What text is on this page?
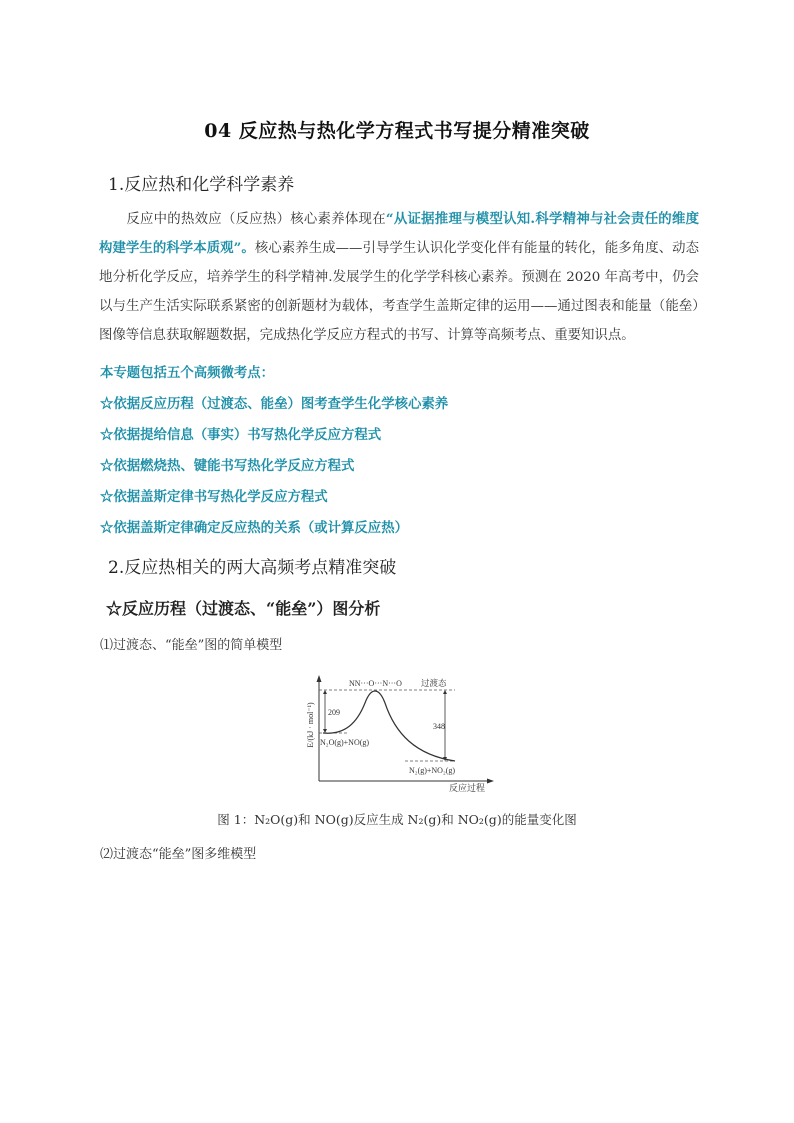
04 反应热与热化学方程式书写提分精准突破
1.反应热和化学科学素养
　　反应中的热效应（反应热）核心素养体现在“从证据推理与模型认知.科学精神与社会责任的维度构建学生的科学本质观”。核心素养生成——引导学生认识化学变化伴有能量的转化，能多角度、动态地分析化学反应，培养学生的科学精神.发展学生的化学学科核心素养。预测在 2020 年高考中，仍会以与生产生活实际联系紧密的创新题材为载体，考查学生盖斯定律的运用——通过图表和能量（能垒）图像等信息获取解题数据，完成热化学反应方程式的书写、计算等高频考点、重要知识点。
本专题包括五个高频微考点：
☆依据反应历程（过渡态、能垒）图考查学生化学核心素养
☆依据提给信息（事实）书写热化学反应方程式
☆依据燃烧热、键能书写热化学反应方程式
☆依据盖斯定律书写热化学反应方程式
☆依据盖斯定律确定反应热的关系（或计算反应热）
2.反应热相关的两大高频考点精准突破
☆反应历程（过渡态、“能垒”）图分析
⑴过渡态、“能垒”图的简单模型
E/(kJ · mol⁻¹)
反应过程
209
348
NN···O···N···O 过渡态
N₂O(g)+NO(g)
N₂(g)+NO₂(g)
图 1：N₂O(g)和 NO(g)反应生成 N₂(g)和 NO₂(g)的能量变化图
⑵过渡态“能垒”图多维模型
